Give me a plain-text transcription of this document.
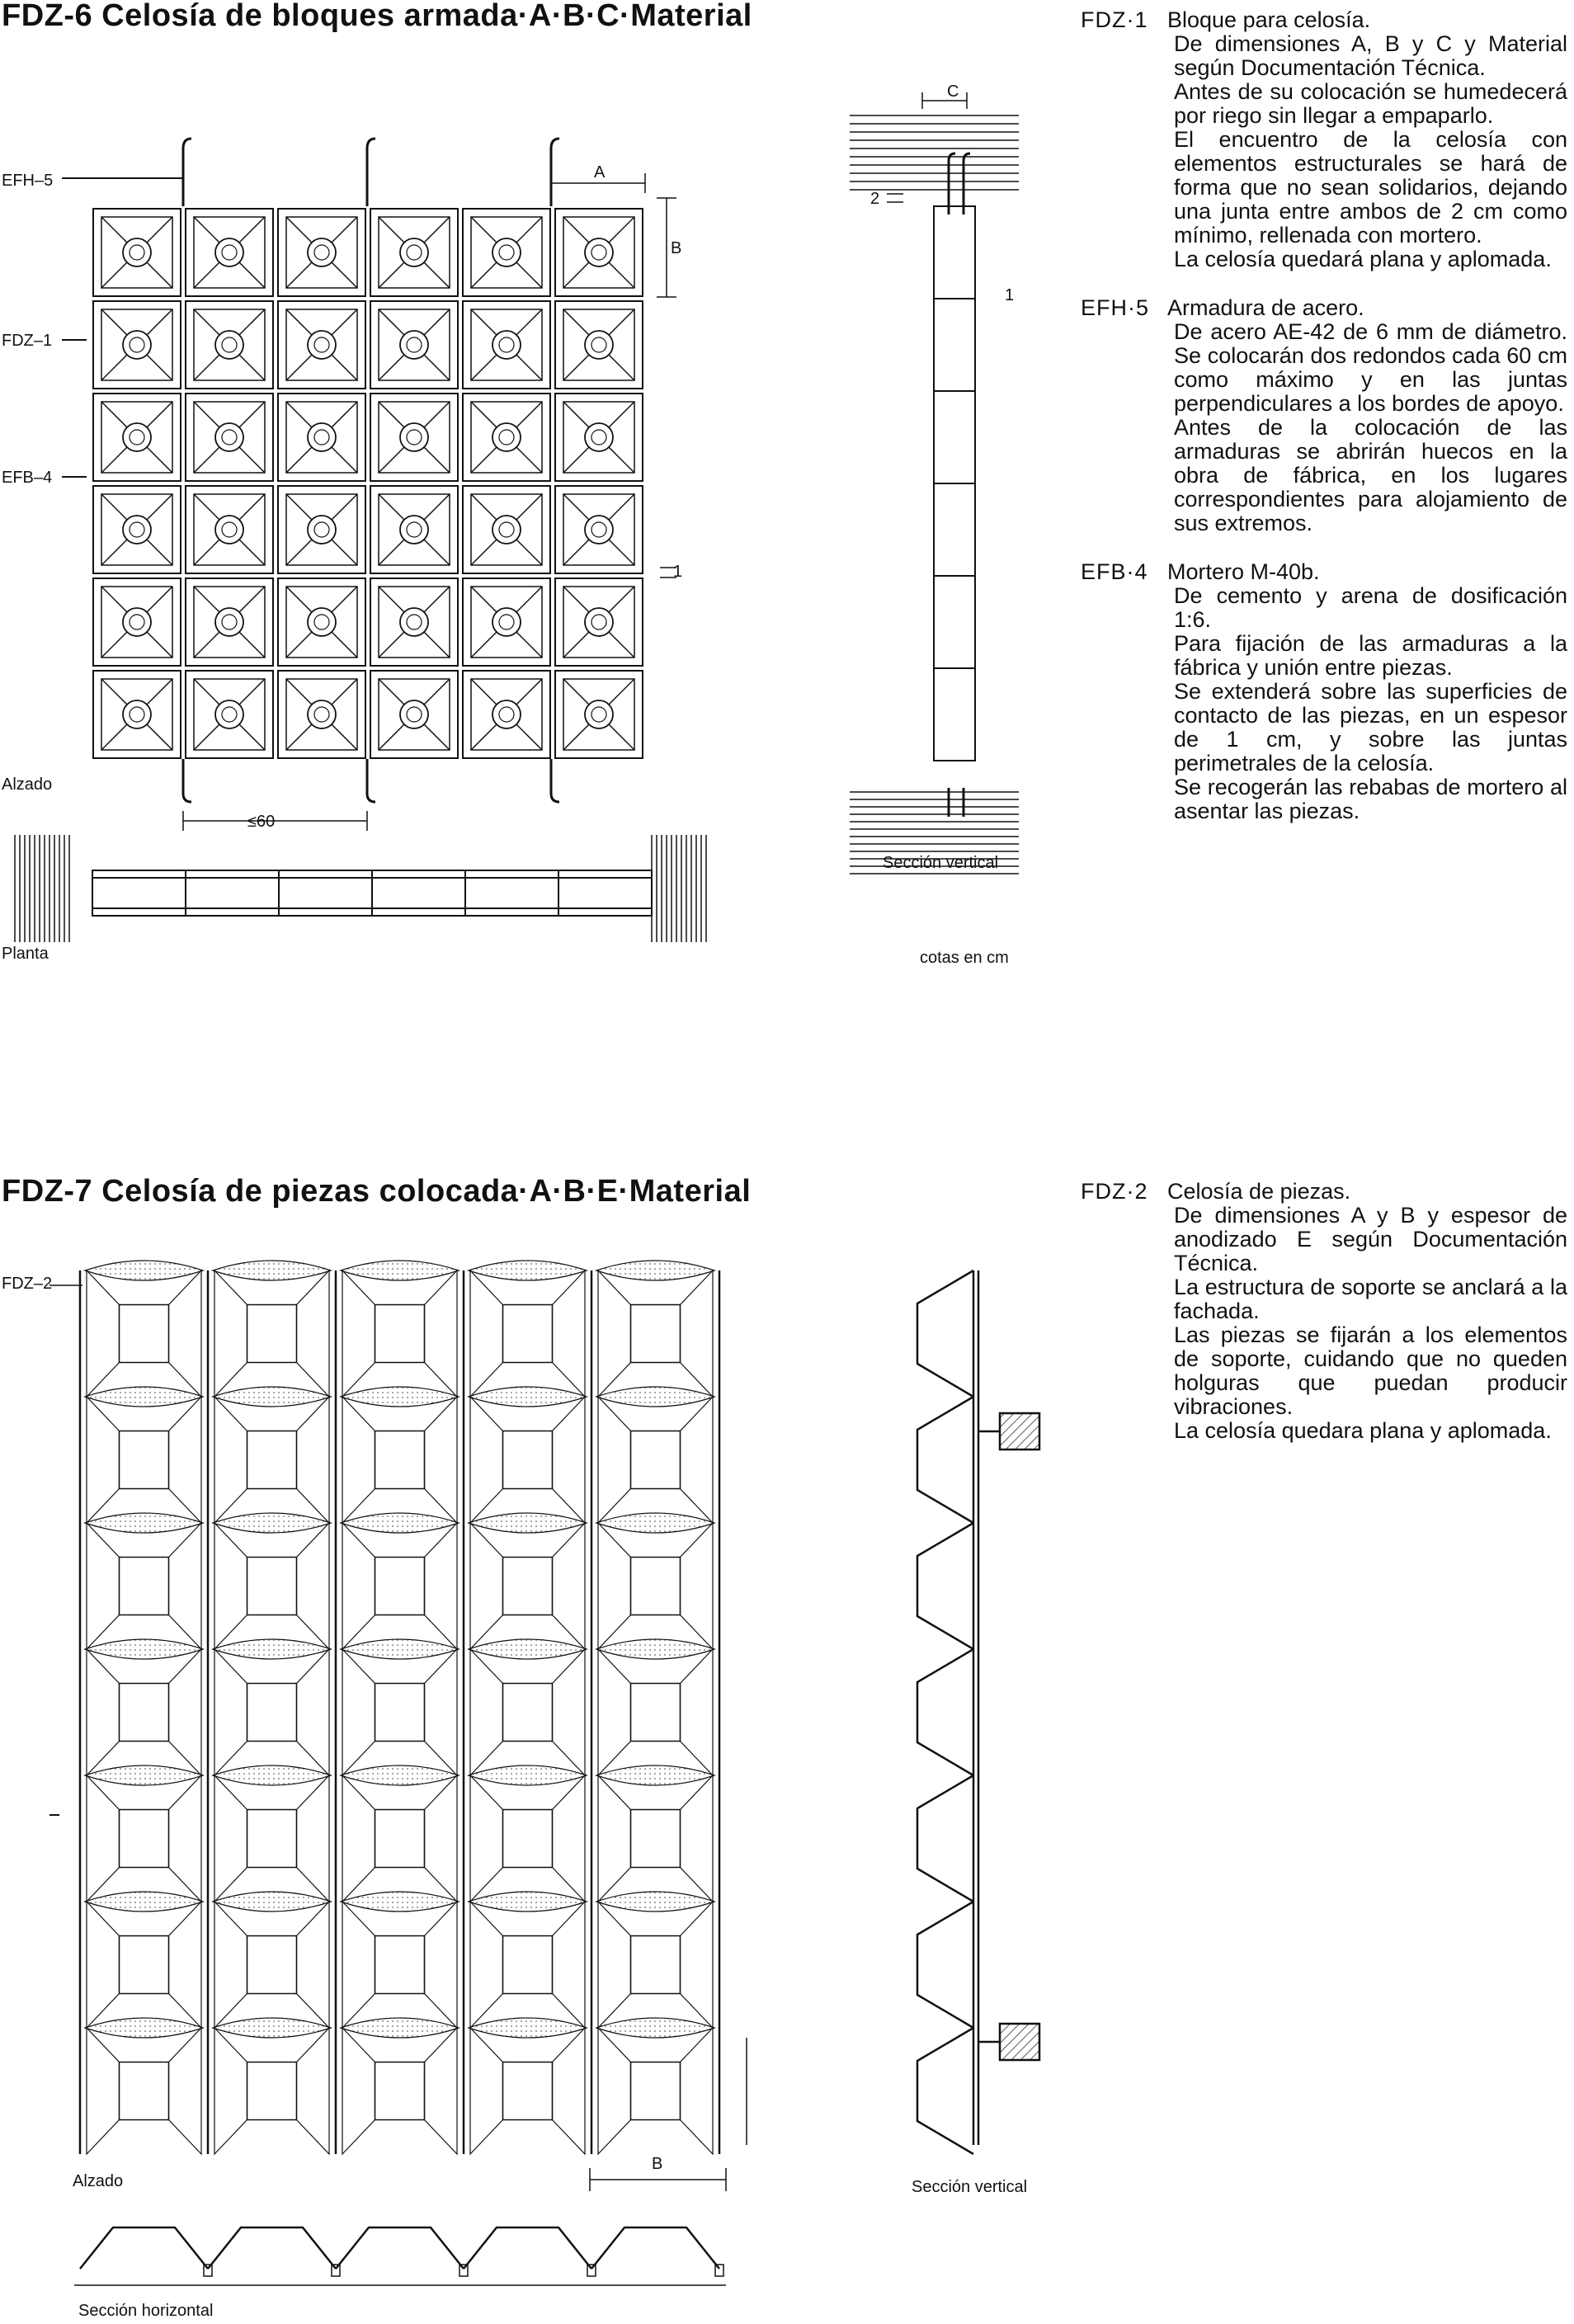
FDZ-6 Celosía de bloques armada·A·B·C·Material
FDZ-7 Celosía de piezas colocada·A·B·E·Material
EFH–5
FDZ–1
EFB–4
Alzado
Planta
Sección vertical
cotas en cm
A
B
C
≤60
2
1
1
FDZ–2
Alzado
Sección horizontal
Sección vertical
B
FDZ·1 Bloque para celosía.
De dimensiones A, B y C y Material según Documentación Técnica.
Antes de su colocación se humedecerá por riego sin llegar a empaparlo.
El encuentro de la celosía con elementos estructurales se hará de forma que no sean solidarios, dejando una junta entre ambos de 2 cm como mínimo, rellenada con mortero.
La celosía quedará plana y aplomada.
EFH·5 Armadura de acero.
De acero AE-42 de 6 mm de diámetro. Se colocarán dos redondos cada 60 cm como máximo y en las juntas perpendiculares a los bordes de apoyo.
Antes de la colocación de las armaduras se abrirán huecos en la obra de fábrica, en los lugares correspondientes para alojamiento de sus extremos.
EFB·4 Mortero M-40b.
De cemento y arena de dosificación 1:6.
Para fijación de las armaduras a la fábrica y unión entre piezas.
Se extenderá sobre las superficies de contacto de las piezas, en un espesor de 1 cm, y sobre las juntas perimetrales de la celosía.
Se recogerán las rebabas de mortero al asentar las piezas.
FDZ·2 Celosía de piezas.
De dimensiones A y B y espesor de anodizado E según Documentación Técnica.
La estructura de soporte se anclará a la fachada.
Las piezas se fijarán a los elementos de soporte, cuidando que no queden holguras que puedan producir vibraciones.
La celosía quedara plana y aplomada.
